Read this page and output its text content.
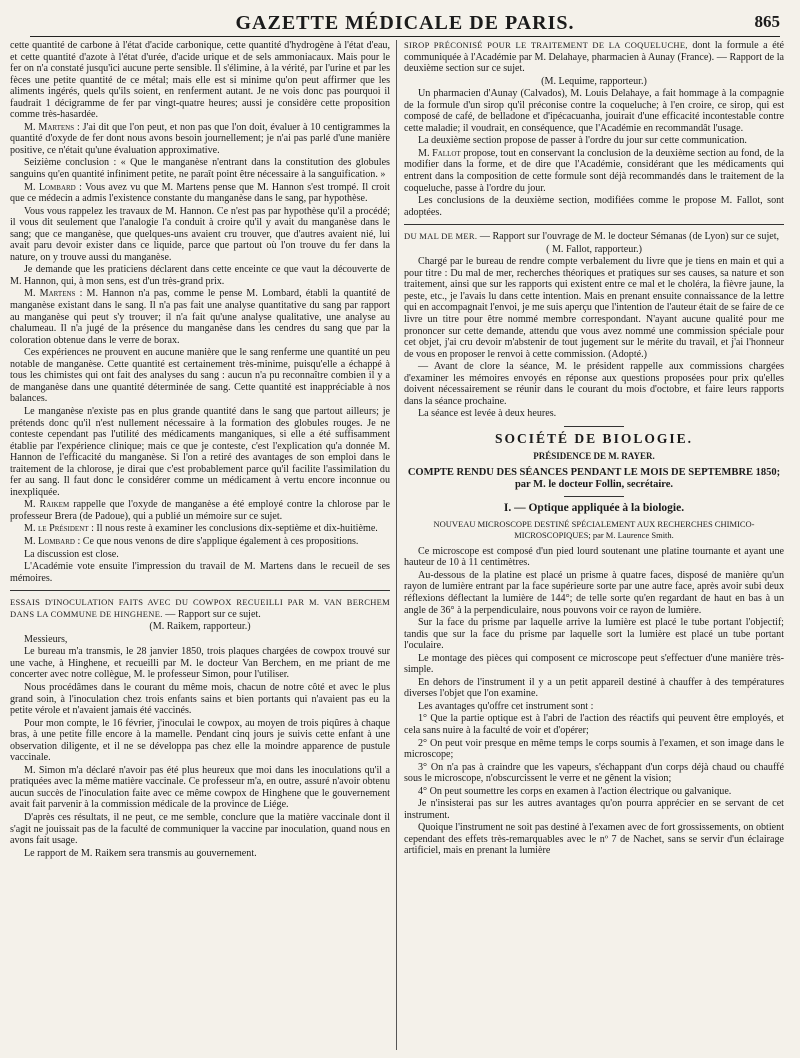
GAZETTE MÉDICALE DE PARIS.	865

cette quantité de carbone à l'état d'acide carbonique, cette quantité d'hydrogène à l'état d'eau, et cette quantité d'azote à l'état d'urée, d'acide urique et de sels ammoniacaux. Mais pour le fer on n'a constaté jusqu'ici aucune perte sensible. Il s'élimine, à la vérité, par l'urine et par les fèces une petite quantité de ce métal; mais elle est si minime qu'on peut affirmer que les aliments ingérés, quels qu'ils soient, en renferment autant. Je ne vois donc pas pourquoi il faudrait 1 décigramme de fer par vingt-quatre heures; aussi je considère cette proposition comme très-hasardée.

M. Martens : J'ai dit que l'on peut, et non pas que l'on doit, évaluer à 10 centigrammes la quantité d'oxyde de fer dont nous avons besoin journellement; je n'ai pas parlé d'une manière positive, ce n'était qu'une évaluation approximative.

Seizième conclusion : « Que le manganèse n'entrant dans la constitution des globules sanguins qu'en quantité infiniment petite, ne paraît point être nécessaire à la sanguification. »

M. Lombard : Vous avez vu que M. Martens pense que M. Hannon s'est trompé. Il croit que ce médecin a admis l'existence constante du manganèse dans le sang, par hypothèse.

Vous vous rappelez les travaux de M. Hannon. Ce n'est pas par hypothèse qu'il a procédé; il vous dit seulement que l'analogie l'a conduit à croire qu'il y avait du manganèse dans le sang; que ce manganèse, que quelques-uns avaient cru trouver, que d'autres avaient nié, lui avait paru devoir exister dans ce liquide, parce que partout où l'on trouve du fer dans la nature, on y trouve aussi du manganèse.

Je demande que les praticiens déclarent dans cette enceinte ce que vaut la découverte de M. Hannon, qui, à mon sens, est d'un très-grand prix.

M. Martens : M. Hannon n'a pas, comme le pense M. Lombard, établi la quantité de manganèse existant dans le sang. Il n'a pas fait une analyse quantitative du sang par rapport au manganèse qui peut s'y trouver; il n'a fait qu'une analyse qualitative, une analyse au chalumeau. Il n'a jugé de la présence du manganèse dans les cendres du sang que par la coloration obtenue dans le verre de borax.

Ces expériences ne prouvent en aucune manière que le sang renferme une quantité un peu notable de manganèse. Cette quantité est certainement très-minime, puisqu'elle a échappé à tous les chimistes qui ont fait des analyses du sang : aucun n'a pu reconnaître combien il y a de manganèse dans une quantité déterminée de sang. Cette quantité est inappréciable à nos balances.

Le manganèse n'existe pas en plus grande quantité dans le sang que partout ailleurs; je prétends donc qu'il n'est nullement nécessaire à la formation des globules rouges. Je ne conteste cependant pas l'utilité des médicaments manganiques, si elle a été suffisamment établie par l'expérience clinique; mais ce que je conteste, c'est l'explication qu'a donnée M. Hannon de l'efficacité du manganèse. Si l'on a retiré des avantages de son emploi dans le traitement de la chlorose, je dirai que c'est probablement parce qu'il facilite l'assimilation du fer au sang. Il faut donc le considérer comme un médicament à vertu encore inconnue ou inexpliquée.

M. Raikem rappelle que l'oxyde de manganèse a été employé contre la chlorose par le professeur Brera (de Padoue), qui a publié un mémoire sur ce sujet.

M. le Président : Il nous reste à examiner les conclusions dix-septième et dix-huitième.

M. Lombard : Ce que nous venons de dire s'applique également à ces propositions.

La discussion est close.

L'Académie vote ensuite l'impression du travail de M. Martens dans le recueil de ses mémoires.

ESSAIS D'INOCULATION FAITS AVEC DU COWPOX RECUEILLI PAR M. VAN BERCHEM DANS LA COMMUNE DE HINGHENE. — Rapport sur ce sujet.

(M. Raikem, rapporteur.)

Messieurs,

Le bureau m'a transmis, le 28 janvier 1850, trois plaques chargées de cowpox trouvé sur une vache, à Hinghene, et recueilli par M. le docteur Van Berchem, en me priant de me concerter avec notre collègue, M. le professeur Simon, pour l'utiliser.

Nous procédâmes dans le courant du même mois, chacun de notre côté et avec le plus grand soin, à l'inoculation chez trois enfants sains et bien portants qui n'avaient pas eu la petite vérole et n'avaient jamais été vaccinés.

Pour mon compte, le 16 février, j'inoculai le cowpox, au moyen de trois piqûres à chaque bras, à une petite fille encore à la mamelle. Pendant cinq jours je suivis cette enfant à une observation diligente, et il ne se développa pas chez elle la moindre apparence de pustule vaccinale.

M. Simon m'a déclaré n'avoir pas été plus heureux que moi dans les inoculations qu'il a pratiquées avec la même matière vaccinale. Ce professeur m'a, en outre, assuré n'avoir obtenu aucun succès de l'inoculation faite avec ce même cowpox de Hinghene que le gouvernement avait fait parvenir à la commission médicale de la province de Liége.

D'après ces résultats, il ne peut, ce me semble, conclure que la matière vaccinale dont il s'agit ne jouissait pas de la faculté de communiquer la vaccine par inoculation, quand nous en avons fait usage.

Le rapport de M. Raikem sera transmis au gouvernement.

SIROP PRÉCONISÉ POUR LE TRAITEMENT DE LA COQUELUCHE, dont la formule a été communiquée à l'Académie par M. Delahaye, pharmacien à Aunay (France). — Rapport de la deuxième section sur ce sujet.

(M. Lequime, rapporteur.)

Un pharmacien d'Aunay (Calvados), M. Louis Delahaye, a fait hommage à la compagnie de la formule d'un sirop qu'il préconise contre la coqueluche; à l'en croire, ce sirop, qui est composé de café, de belladone et d'ipécacuanha, jouirait d'une efficacité incontestable contre cette maladie; il voudrait, en conséquence, que l'Académie en recommandât l'usage.

La deuxième section propose de passer à l'ordre du jour sur cette communication.

M. Fallot propose, tout en conservant la conclusion de la deuxième section au fond, de la modifier dans la forme, et de dire que l'Académie, considérant que les médicaments qui entrent dans la composition de cette formule sont déjà recommandés dans le traitement de la coqueluche, passe à l'ordre du jour.

Les conclusions de la deuxième section, modifiées comme le propose M. Fallot, sont adoptées.

DU MAL DE MER. — Rapport sur l'ouvrage de M. le docteur Sémanas (de Lyon) sur ce sujet,

( M. Fallot, rapporteur.)

Chargé par le bureau de rendre compte verbalement du livre que je tiens en main et qui a pour titre : Du mal de mer, recherches théoriques et pratiques sur ses causes, sa nature et son traitement, ainsi que sur les rapports qui existent entre ce mal et le choléra, la fièvre jaune, la peste, etc., je l'avais lu dans cette intention. Mais en prenant ensuite connaissance de la lettre qui en accompagnait l'envoi, je me suis aperçu que l'intention de l'auteur était de se faire de ce livre un titre pour être nommé membre correspondant. N'ayant aucune qualité pour me prononcer sur cette demande, attendu que vous avez nommé une commission spéciale pour cet objet, j'ai cru devoir m'abstenir de tout jugement sur le mérite du travail, et j'ai l'honneur de vous en proposer le renvoi à cette commission. (Adopté.)

— Avant de clore la séance, M. le président rappelle aux commissions chargées d'examiner les mémoires envoyés en réponse aux questions proposées pour prix qu'elles doivent nécessairement se réunir dans le courant du mois d'octobre, et faire leurs rapports dans la séance prochaine.

La séance est levée à deux heures.

SOCIÉTÉ DE BIOLOGIE.

PRÉSIDENCE DE M. RAYER.

COMPTE RENDU DES SÉANCES PENDANT LE MOIS DE SEPTEMBRE 1850;
par M. le docteur Follin, secrétaire.

I. — Optique appliquée à la biologie.

NOUVEAU MICROSCOPE DESTINÉ SPÉCIALEMENT AUX RECHERCHES CHIMICO-MICROSCOPIQUES; par M. Laurence Smith.

Ce microscope est composé d'un pied lourd soutenant une platine tournante et ayant une hauteur de 10 à 11 centimètres.

Au-dessous de la platine est placé un prisme à quatre faces, disposé de manière qu'un rayon de lumière entrant par la face supérieure sorte par une autre face, après avoir subi deux réflexions déflectant la lumière de 144°; de telle sorte qu'en regardant de haut en bas à un angle de 36° à la perpendiculaire, nous pouvons voir ce rayon de lumière.

Sur la face du prisme par laquelle arrive la lumière est placé le tube portant l'objectif; tandis que sur la face du prisme par laquelle sort la lumière est placé un tube portant l'oculaire.

Le montage des pièces qui composent ce microscope peut s'effectuer d'une manière très-simple.

En dehors de l'instrument il y a un petit appareil destiné à chauffer à des températures diverses l'objet que l'on examine.

Les avantages qu'offre cet instrument sont :

1° Que la partie optique est à l'abri de l'action des réactifs qui peuvent être employés, et cela sans nuire à la faculté de voir et d'opérer;

2° On peut voir presque en même temps le corps soumis à l'examen, et son image dans le microscope;

3° On n'a pas à craindre que les vapeurs, s'échappant d'un corps déjà chaud ou chauffé sous le microscope, n'obscurcissent le verre et ne gênent la vision;

4° On peut soumettre les corps en examen à l'action électrique ou galvanique.

Je n'insisterai pas sur les autres avantages qu'on pourra apprécier en se servant de cet instrument.

Quoique l'instrument ne soit pas destiné à l'examen avec de fort grossissements, on obtient cependant des effets très-remarquables avec le nº 7 de Nachet, sans se servir d'un éclairage artificiel, mais en prenant la lumière
